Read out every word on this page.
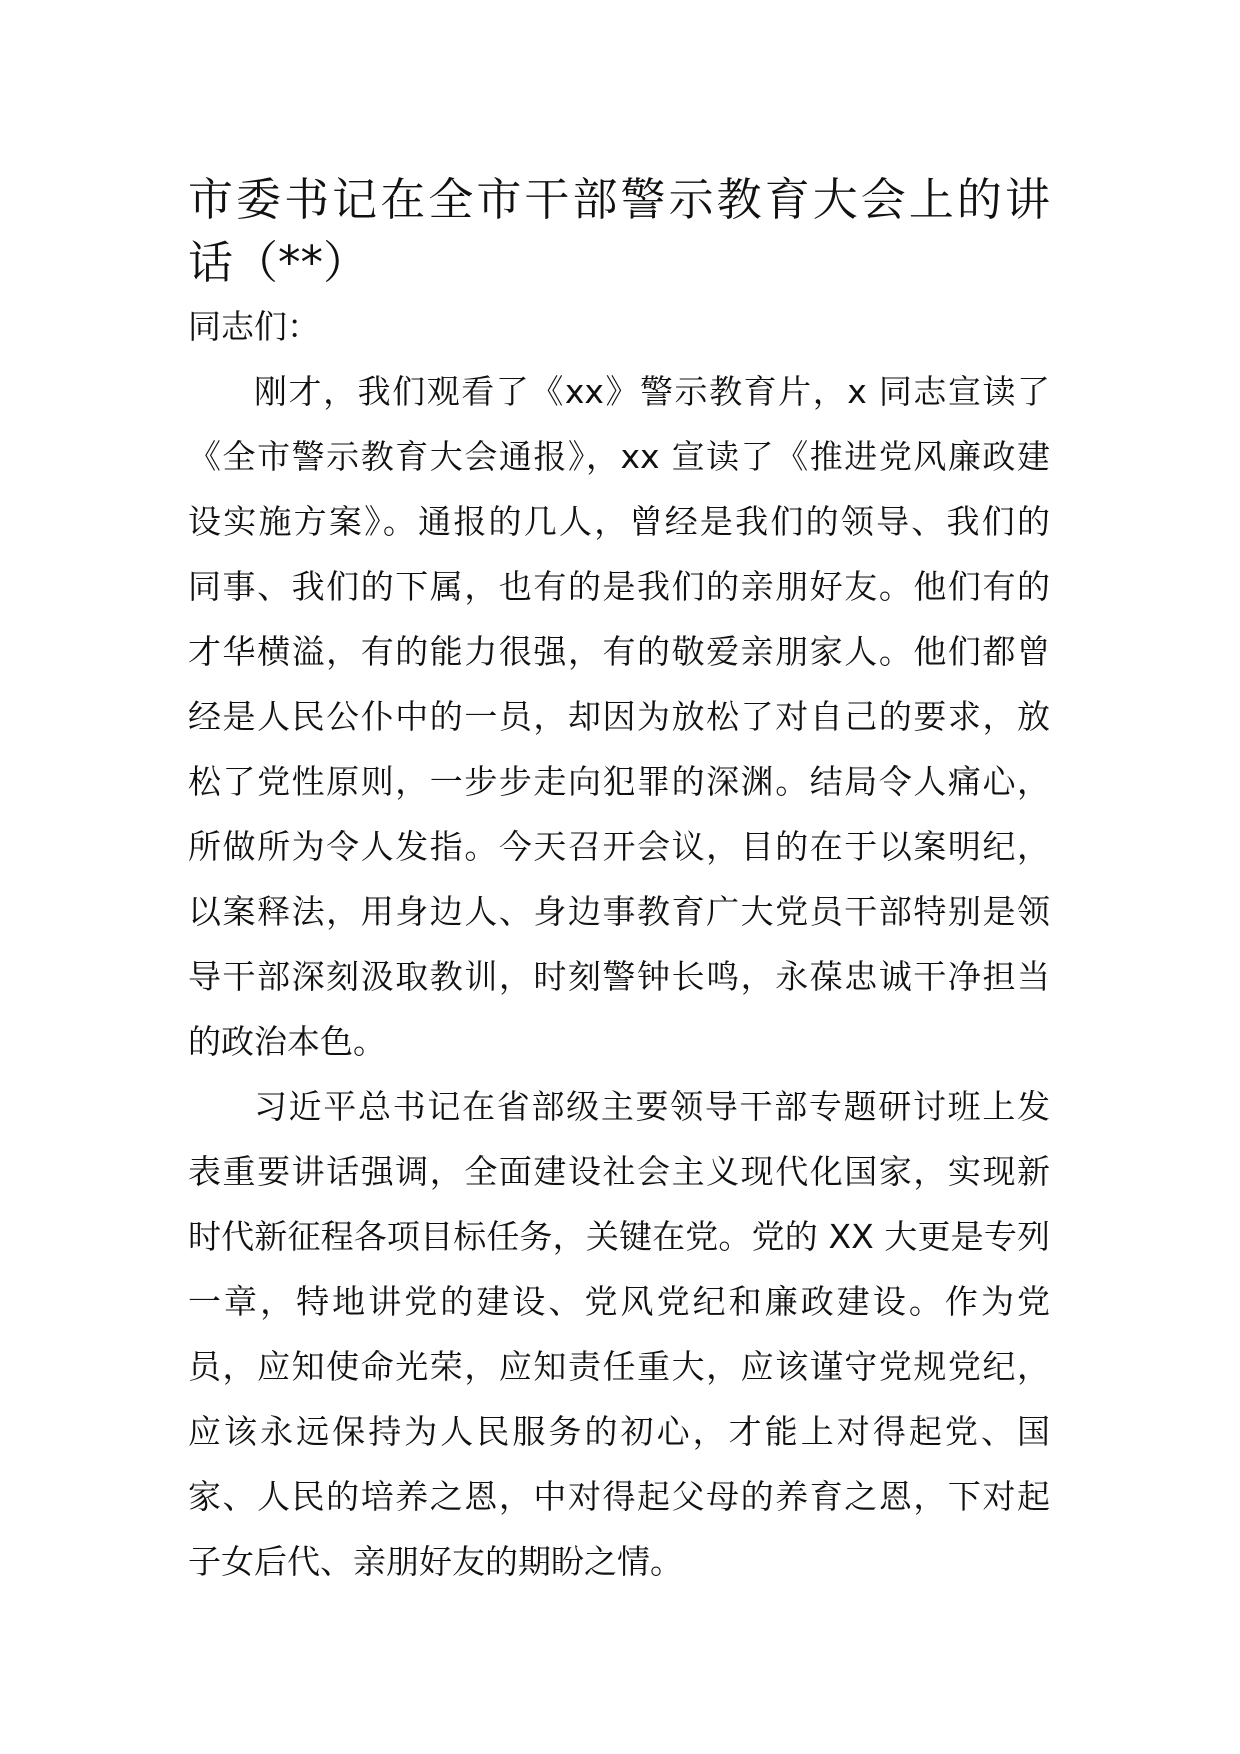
市委书记在全市干部警示教育大会上的讲
话（**）
同志们：
刚才，我们观看了《xx》警示教育片，x 同志宣读了
《全市警示教育大会通报》，xx 宣读了《推进党风廉政建
设实施方案》。通报的几人，曾经是我们的领导、我们的
同事、我们的下属，也有的是我们的亲朋好友。他们有的
才华横溢，有的能力很强，有的敬爱亲朋家人。他们都曾
经是人民公仆中的一员，却因为放松了对自己的要求，放
松了党性原则，一步步走向犯罪的深渊。结局令人痛心，
所做所为令人发指。今天召开会议，目的在于以案明纪，
以案释法，用身边人、身边事教育广大党员干部特别是领
导干部深刻汲取教训，时刻警钟长鸣，永葆忠诚干净担当
的政治本色。
习近平总书记在省部级主要领导干部专题研讨班上发
表重要讲话强调，全面建设社会主义现代化国家，实现新
时代新征程各项目标任务，关键在党。党的 XX 大更是专列
一章，特地讲党的建设、党风党纪和廉政建设。作为党
员，应知使命光荣，应知责任重大，应该谨守党规党纪，
应该永远保持为人民服务的初心，才能上对得起党、国
家、人民的培养之恩，中对得起父母的养育之恩，下对起
子女后代、亲朋好友的期盼之情。
